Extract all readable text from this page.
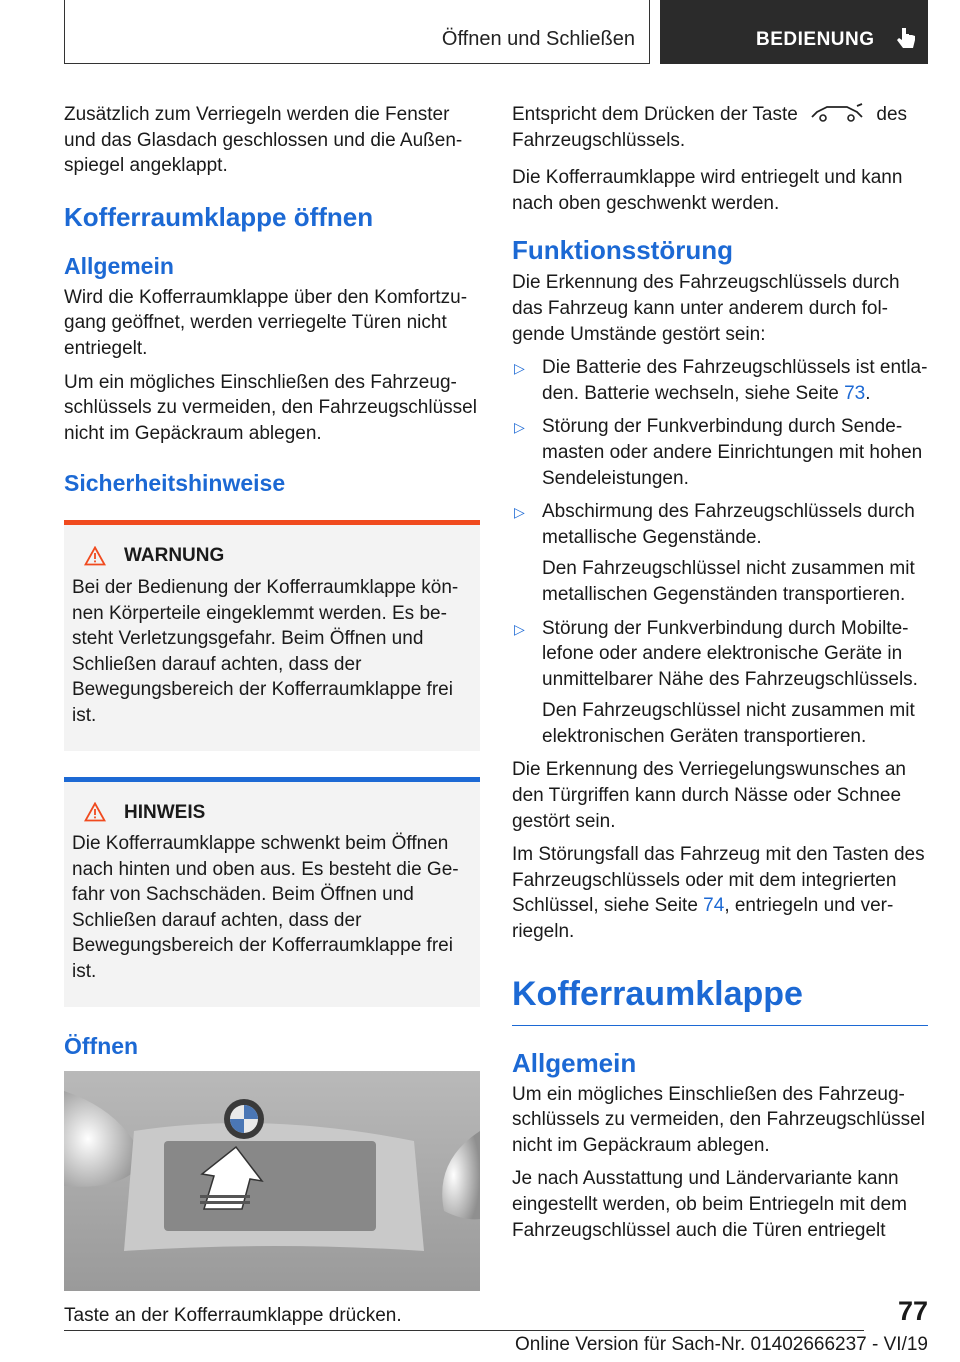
Öffnen und Schließen	BEDIENUNG

Zusätzlich zum Verriegeln werden die Fenster und das Glasdach geschlossen und die Außenspiegel angeklappt.

Kofferraumklappe öffnen
Allgemein

Wird die Kofferraumklappe über den Komfortzugang geöffnet, werden verriegelte Türen nicht entriegelt.

Um ein mögliches Einschließen des Fahrzeugschlüssels zu vermeiden, den Fahrzeugschlüssel nicht im Gepäckraum ablegen.

Sicherheitshinweise
WARNUNG

Bei der Bedienung der Kofferraumklappe können Körperteile eingeklemmt werden. Es besteht Verletzungsgefahr. Beim Öffnen und Schließen darauf achten, dass der Bewegungsbereich der Kofferraumklappe frei ist.

HINWEIS

Die Kofferraumklappe schwenkt beim Öffnen nach hinten und oben aus. Es besteht die Gefahr von Sachschäden. Beim Öffnen und Schließen darauf achten, dass der Bewegungsbereich der Kofferraumklappe frei ist.

Öffnen

Taste an der Kofferraumklappe drücken.

Entspricht dem Drücken der Taste	des Fahrzeugschlüssels.

Die Kofferraumklappe wird entriegelt und kann nach oben geschwenkt werden.

Funktionsstörung

Die Erkennung des Fahrzeugschlüssels durch das Fahrzeug kann unter anderem durch folgende Umstände gestört sein:

▷ Die Batterie des Fahrzeugschlüssels ist entladen. Batterie wechseln, siehe Seite 73.
▷ Störung der Funkverbindung durch Sendemasten oder andere Einrichtungen mit hohen Sendeleistungen.
▷ Abschirmung des Fahrzeugschlüssels durch metallische Gegenstände.
Den Fahrzeugschlüssel nicht zusammen mit metallischen Gegenständen transportieren.
▷ Störung der Funkverbindung durch Mobiltelefone oder andere elektronische Geräte in unmittelbarer Nähe des Fahrzeugschlüssels.
Den Fahrzeugschlüssel nicht zusammen mit elektronischen Geräten transportieren.

Die Erkennung des Verriegelungswunsches an den Türgriffen kann durch Nässe oder Schnee gestört sein.

Im Störungsfall das Fahrzeug mit den Tasten des Fahrzeugschlüssels oder mit dem integrierten Schlüssel, siehe Seite 74, entriegeln und verriegeln.

Kofferraumklappe
Allgemein

Um ein mögliches Einschließen des Fahrzeugschlüssels zu vermeiden, den Fahrzeugschlüssel nicht im Gepäckraum ablegen.

Je nach Ausstattung und Ländervariante kann eingestellt werden, ob beim Entriegeln mit dem Fahrzeugschlüssel auch die Türen entriegelt

77
Online Version für Sach-Nr. 01402666237 - VI/19
